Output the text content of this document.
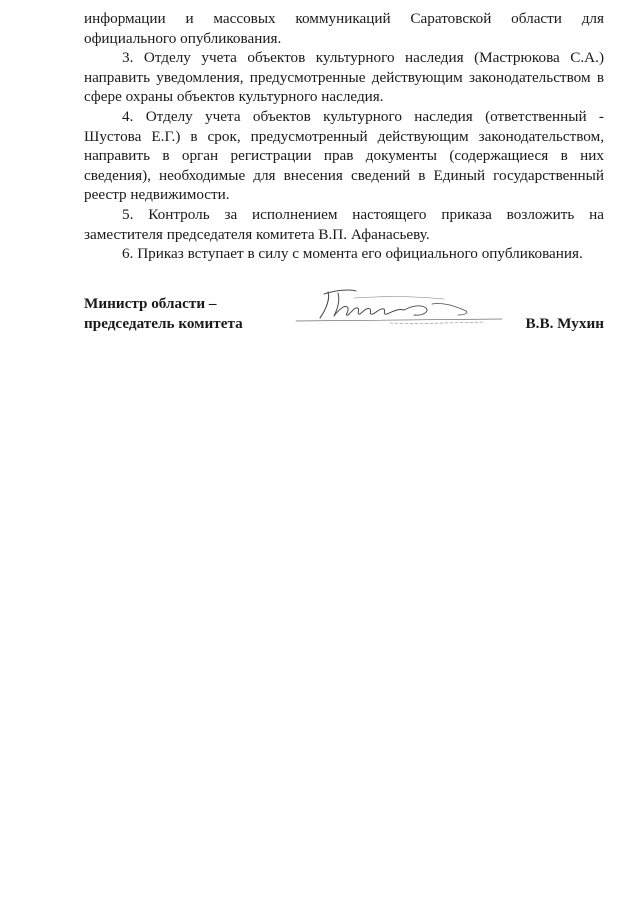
информации и массовых коммуникаций Саратовской области для официального опубликования.

3. Отделу учета объектов культурного наследия (Мастрюкова С.А.) направить уведомления, предусмотренные действующим законодательством в сфере охраны объектов культурного наследия.

4. Отделу учета объектов культурного наследия (ответственный - Шустова Е.Г.) в срок, предусмотренный действующим законодательством, направить в орган регистрации прав документы (содержащиеся в них сведения), необходимые для внесения сведений в Единый государственный реестр недвижимости.

5. Контроль за исполнением настоящего приказа возложить на заместителя председателя комитета В.П. Афанасьеву.

6. Приказ вступает в силу с момента его официального опубликования.

Министр области –
председатель комитета	В.В. Мухин
